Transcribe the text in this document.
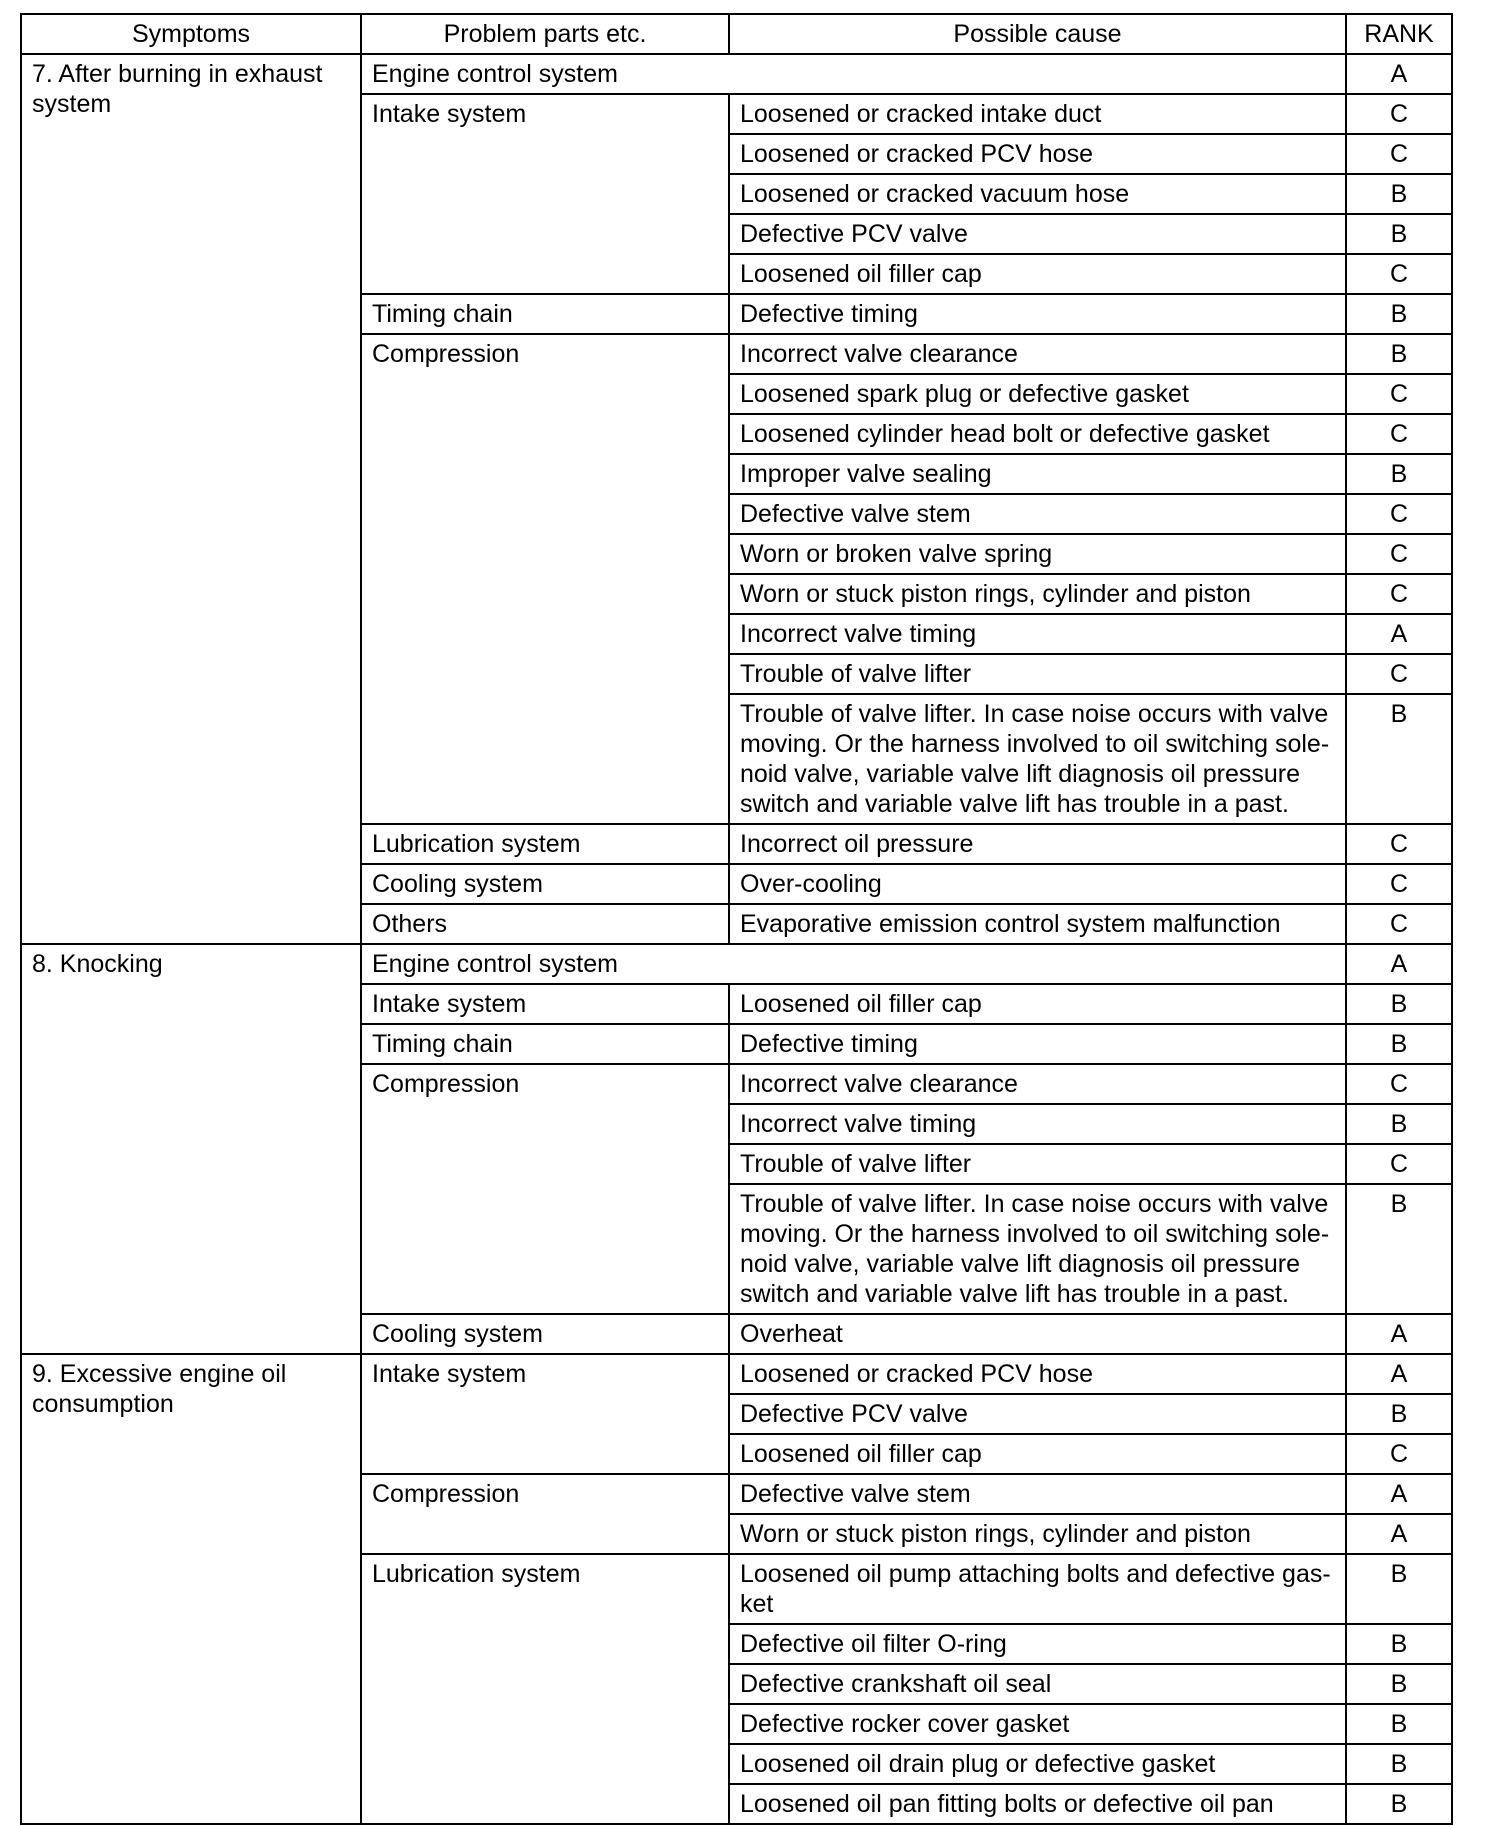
Symptoms	Problem parts etc.	Possible cause	RANK
7. After burning in exhaust system	Engine control system		A
	Intake system	Loosened or cracked intake duct	C
		Loosened or cracked PCV hose	C
		Loosened or cracked vacuum hose	B
		Defective PCV valve	B
		Loosened oil filler cap	C
	Timing chain	Defective timing	B
	Compression	Incorrect valve clearance	B
		Loosened spark plug or defective gasket	C
		Loosened cylinder head bolt or defective gasket	C
		Improper valve sealing	B
		Defective valve stem	C
		Worn or broken valve spring	C
		Worn or stuck piston rings, cylinder and piston	C
		Incorrect valve timing	A
		Trouble of valve lifter	C
		Trouble of valve lifter. In case noise occurs with valve moving. Or the harness involved to oil switching sole-noid valve, variable valve lift diagnosis oil pressure switch and variable valve lift has trouble in a past.	B
	Lubrication system	Incorrect oil pressure	C
	Cooling system	Over-cooling	C
	Others	Evaporative emission control system malfunction	C
8. Knocking	Engine control system		A
	Intake system	Loosened oil filler cap	B
	Timing chain	Defective timing	B
	Compression	Incorrect valve clearance	C
		Incorrect valve timing	B
		Trouble of valve lifter	C
		Trouble of valve lifter. In case noise occurs with valve moving. Or the harness involved to oil switching sole-noid valve, variable valve lift diagnosis oil pressure switch and variable valve lift has trouble in a past.	B
	Cooling system	Overheat	A
9. Excessive engine oil consumption	Intake system	Loosened or cracked PCV hose	A
		Defective PCV valve	B
		Loosened oil filler cap	C
	Compression	Defective valve stem	A
		Worn or stuck piston rings, cylinder and piston	A
	Lubrication system	Loosened oil pump attaching bolts and defective gas-ket	B
		Defective oil filter O-ring	B
		Defective crankshaft oil seal	B
		Defective rocker cover gasket	B
		Loosened oil drain plug or defective gasket	B
		Loosened oil pan fitting bolts or defective oil pan	B
